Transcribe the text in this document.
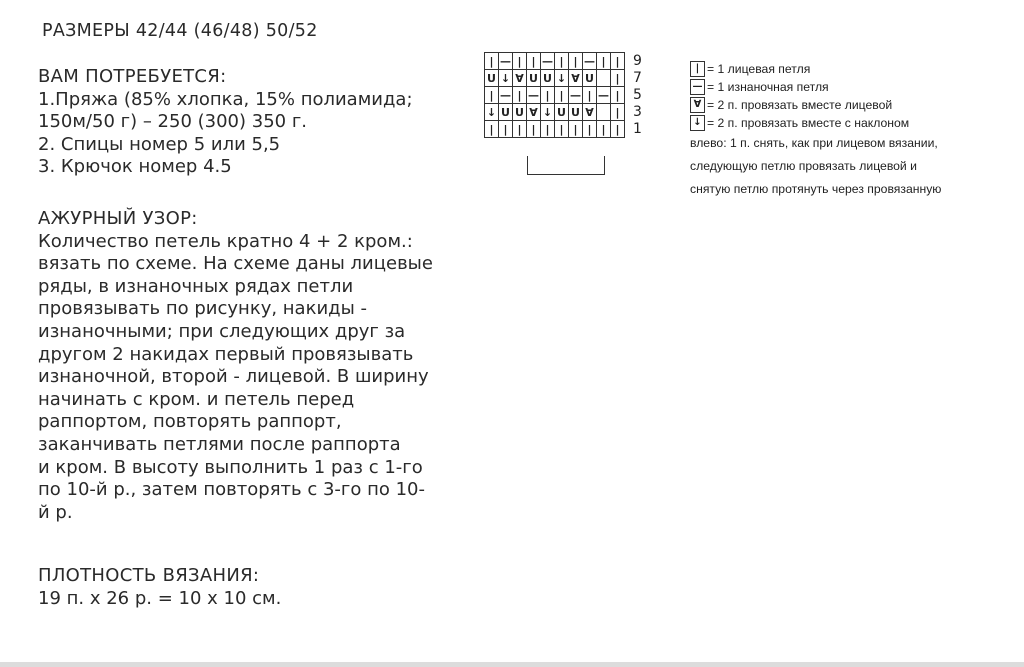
РАЗМЕРЫ 42/44 (46/48) 50/52
ВАМ ПОТРЕБУЕТСЯ:
1.Пряжа (85% хлопка, 15% полиамида;
150м/50 г) – 250 (300) 350 г.
2. Спицы номер 5 или 5,5
3. Крючок номер 4.5
АЖУРНЫЙ УЗОР:
Количество петель кратно 4 + 2 кром.:
вязать по схеме. На схеме даны лицевые
ряды, в изнаночных рядах петли
провязывать по рисунку, накиды -
изнаночными; при следующих друг за
другом 2 накидах первый провязывать
изнаночной, второй - лицевой. В ширину
начинать с кром. и петель перед
раппортом, повторять раппорт,
заканчивать петлями после раппорта
и кром. В высоту выполнить 1 раз с 1-го
по 10-й р., затем повторять с 3-го по 10-
й р.
ПЛОТНОСТЬ ВЯЗАНИЯ:
19 п. х 26 р. = 10 х 10 см.
|	—	|	|	—	|	|	—	|	|	9
U	↓	∀	U	U	↓	∀	U		|	7
|	—	|	—	|	|	—	|	—	|	5
↓	U	U	∀	↓	U	U	∀		|	3
|	|	|	|	|	|	|	|	|	|	1
| = 1 лицевая петля
— = 1 изнаночная петля
∀ = 2 п. провязать вместе лицевой
↓ = 2 п. провязать вместе с наклоном
влево: 1 п. снять, как при лицевом вязании,
следующую петлю провязать лицевой и
снятую петлю протянуть через провязанную
